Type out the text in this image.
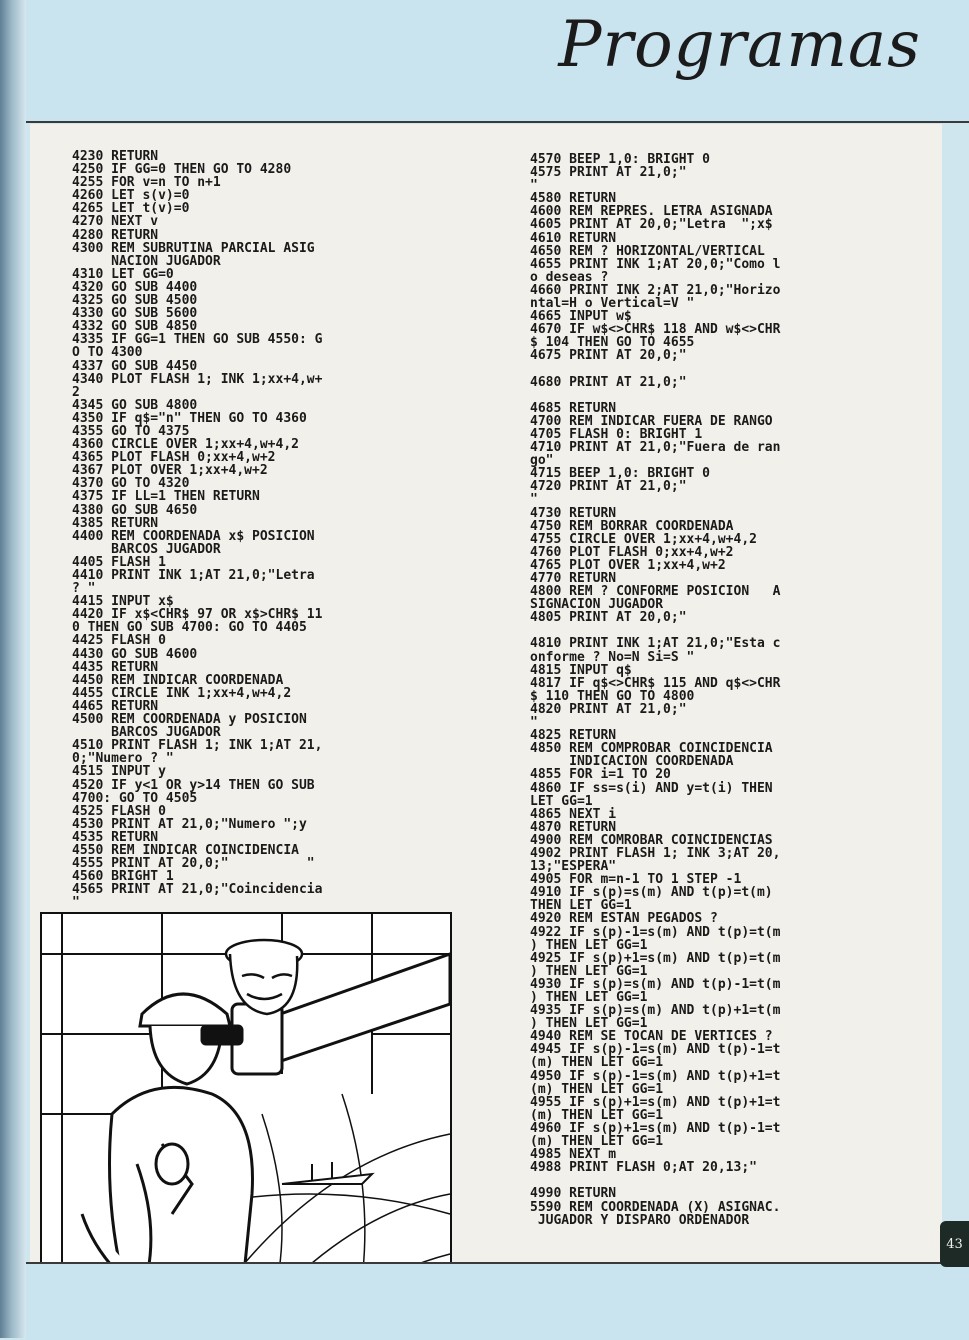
Programas
4230 RETURN
4250 IF GG=0 THEN GO TO 4280
4255 FOR v=n TO n+1
4260 LET s(v)=0
4265 LET t(v)=0
4270 NEXT v
4280 RETURN
4300 REM SUBRUTINA PARCIAL ASIG
NACION JUGADOR
4310 LET GG=0
4320 GO SUB 4400
4325 GO SUB 4500
4330 GO SUB 5600
4332 GO SUB 4850
4335 IF GG=1 THEN GO SUB 4550: G
O TO 4300
4337 GO SUB 4450
4340 PLOT FLASH 1; INK 1;xx+4,w+
2
4345 GO SUB 4800
4350 IF q$="n" THEN GO TO 4360
4355 GO TO 4375
4360 CIRCLE OVER 1;xx+4,w+4,2
4365 PLOT FLASH 0;xx+4,w+2
4367 PLOT OVER 1;xx+4,w+2
4370 GO TO 4320
4375 IF LL=1 THEN RETURN
4380 GO SUB 4650
4385 RETURN
4400 REM COORDENADA x$ POSICION
BARCOS JUGADOR
4405 FLASH 1
4410 PRINT INK 1;AT 21,0;"Letra
? "
4415 INPUT x$
4420 IF x$<CHR$ 97 OR x$>CHR$ 11
0 THEN GO SUB 4700: GO TO 4405
4425 FLASH 0
4430 GO SUB 4600
4435 RETURN
4450 REM INDICAR COORDENADA
4455 CIRCLE INK 1;xx+4,w+4,2
4465 RETURN
4500 REM COORDENADA y POSICION
BARCOS JUGADOR
4510 PRINT FLASH 1; INK 1;AT 21,
0;"Numero ? "
4515 INPUT y
4520 IF y<1 OR y>14 THEN GO SUB
4700: GO TO 4505
4525 FLASH 0
4530 PRINT AT 21,0;"Numero ";y
4535 RETURN
4550 REM INDICAR COINCIDENCIA
4555 PRINT AT 20,0;"          "
4560 BRIGHT 1
4565 PRINT AT 21,0;"Coincidencia
"
4570 BEEP 1,0: BRIGHT 0
4575 PRINT AT 21,0;"
"
4580 RETURN
4600 REM REPRES. LETRA ASIGNADA
4605 PRINT AT 20,0;"Letra  ";x$
4610 RETURN
4650 REM ? HORIZONTAL/VERTICAL
4655 PRINT INK 1;AT 20,0;"Como l
o deseas ?
4660 PRINT INK 2;AT 21,0;"Horizo
ntal=H o Vertical=V "
4665 INPUT w$
4670 IF w$<>CHR$ 118 AND w$<>CHR
$ 104 THEN GO TO 4655
4675 PRINT AT 20,0;"

4680 PRINT AT 21,0;"

4685 RETURN
4700 REM INDICAR FUERA DE RANGO
4705 FLASH 0: BRIGHT 1
4710 PRINT AT 21,0;"Fuera de ran
go"
4715 BEEP 1,0: BRIGHT 0
4720 PRINT AT 21,0;"
"
4730 RETURN
4750 REM BORRAR COORDENADA
4755 CIRCLE OVER 1;xx+4,w+4,2
4760 PLOT FLASH 0;xx+4,w+2
4765 PLOT OVER 1;xx+4,w+2
4770 RETURN
4800 REM ? CONFORME POSICION   A
SIGNACION JUGADOR
4805 PRINT AT 20,0;"

4810 PRINT INK 1;AT 21,0;"Esta c
onforme ? No=N Si=S "
4815 INPUT q$
4817 IF q$<>CHR$ 115 AND q$<>CHR
$ 110 THEN GO TO 4800
4820 PRINT AT 21,0;"
"
4825 RETURN
4850 REM COMPROBAR COINCIDENCIA
INDICACION COORDENADA
4855 FOR i=1 TO 20
4860 IF ss=s(i) AND y=t(i) THEN
LET GG=1
4865 NEXT i
4870 RETURN
4900 REM COMROBAR COINCIDENCIAS
4902 PRINT FLASH 1; INK 3;AT 20,
13;"ESPERA"
4905 FOR m=n-1 TO 1 STEP -1
4910 IF s(p)=s(m) AND t(p)=t(m)
THEN LET GG=1
4920 REM ESTAN PEGADOS ?
4922 IF s(p)-1=s(m) AND t(p)=t(m
) THEN LET GG=1
4925 IF s(p)+1=s(m) AND t(p)=t(m
) THEN LET GG=1
4930 IF s(p)=s(m) AND t(p)-1=t(m
) THEN LET GG=1
4935 IF s(p)=s(m) AND t(p)+1=t(m
) THEN LET GG=1
4940 REM SE TOCAN DE VERTICES ?
4945 IF s(p)-1=s(m) AND t(p)-1=t
(m) THEN LET GG=1
4950 IF s(p)-1=s(m) AND t(p)+1=t
(m) THEN LET GG=1
4955 IF s(p)+1=s(m) AND t(p)+1=t
(m) THEN LET GG=1
4960 IF s(p)+1=s(m) AND t(p)-1=t
(m) THEN LET GG=1
4985 NEXT m
4988 PRINT FLASH 0;AT 20,13;"

4990 RETURN
5590 REM COORDENADA (X) ASIGNAC.
JUGADOR Y DISPARO ORDENADOR
43
